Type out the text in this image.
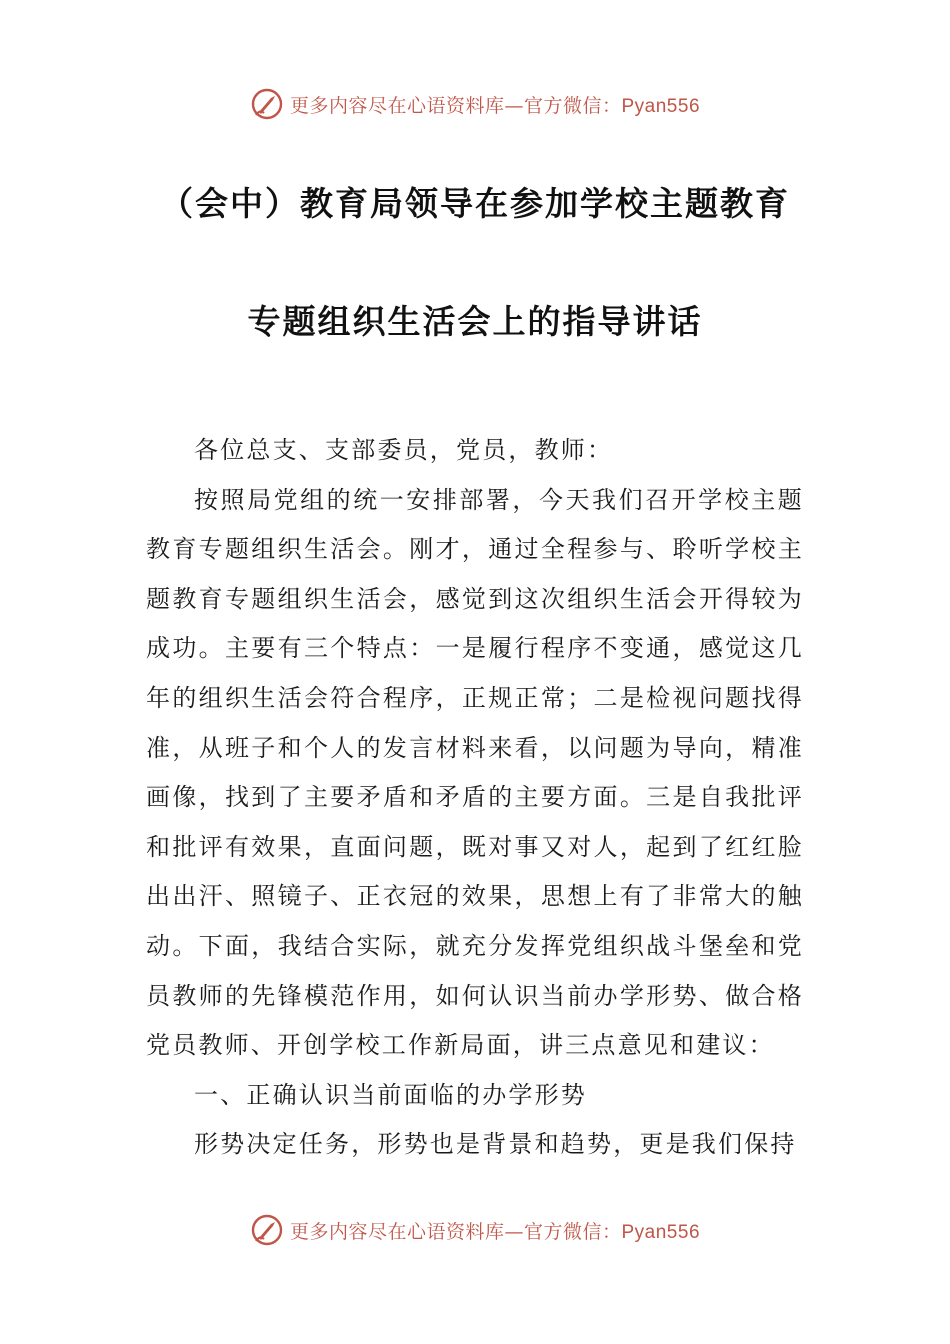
更多内容尽在心语资料库—官方微信：Pyan556
（会中）教育局领导在参加学校主题教育
专题组织生活会上的指导讲话

各位总支、支部委员，党员，教师：

按照局党组的统一安排部署，今天我们召开学校主题教育专题组织生活会。刚才，通过全程参与、聆听学校主题教育专题组织生活会，感觉到这次组织生活会开得较为成功。主要有三个特点：一是履行程序不变通，感觉这几年的组织生活会符合程序，正规正常；二是检视问题找得准，从班子和个人的发言材料来看，以问题为导向，精准画像，找到了主要矛盾和矛盾的主要方面。三是自我批评和批评有效果，直面问题，既对事又对人，起到了红红脸出出汗、照镜子、正衣冠的效果，思想上有了非常大的触动。下面，我结合实际，就充分发挥党组织战斗堡垒和党员教师的先锋模范作用，如何认识当前办学形势、做合格党员教师、开创学校工作新局面，讲三点意见和建议：

一、正确认识当前面临的办学形势

形势决定任务，形势也是背景和趋势，更是我们保持

更多内容尽在心语资料库—官方微信：Pyan556
